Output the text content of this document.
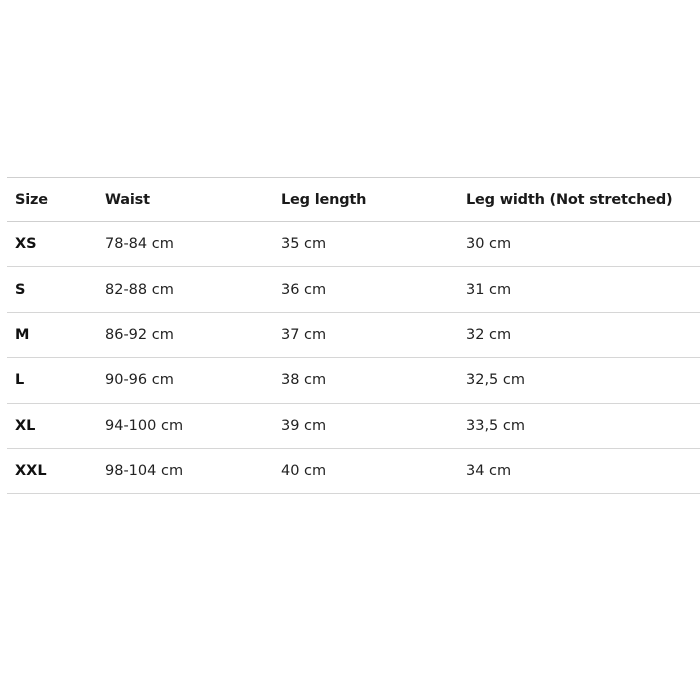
Size	Waist	Leg length	Leg width (Not stretched)
XS	78-84 cm	35 cm	30 cm
S	82-88 cm	36 cm	31 cm
M	86-92 cm	37 cm	32 cm
L	90-96 cm	38 cm	32,5 cm
XL	94-100 cm	39 cm	33,5 cm
XXL	98-104 cm	40 cm	34 cm
